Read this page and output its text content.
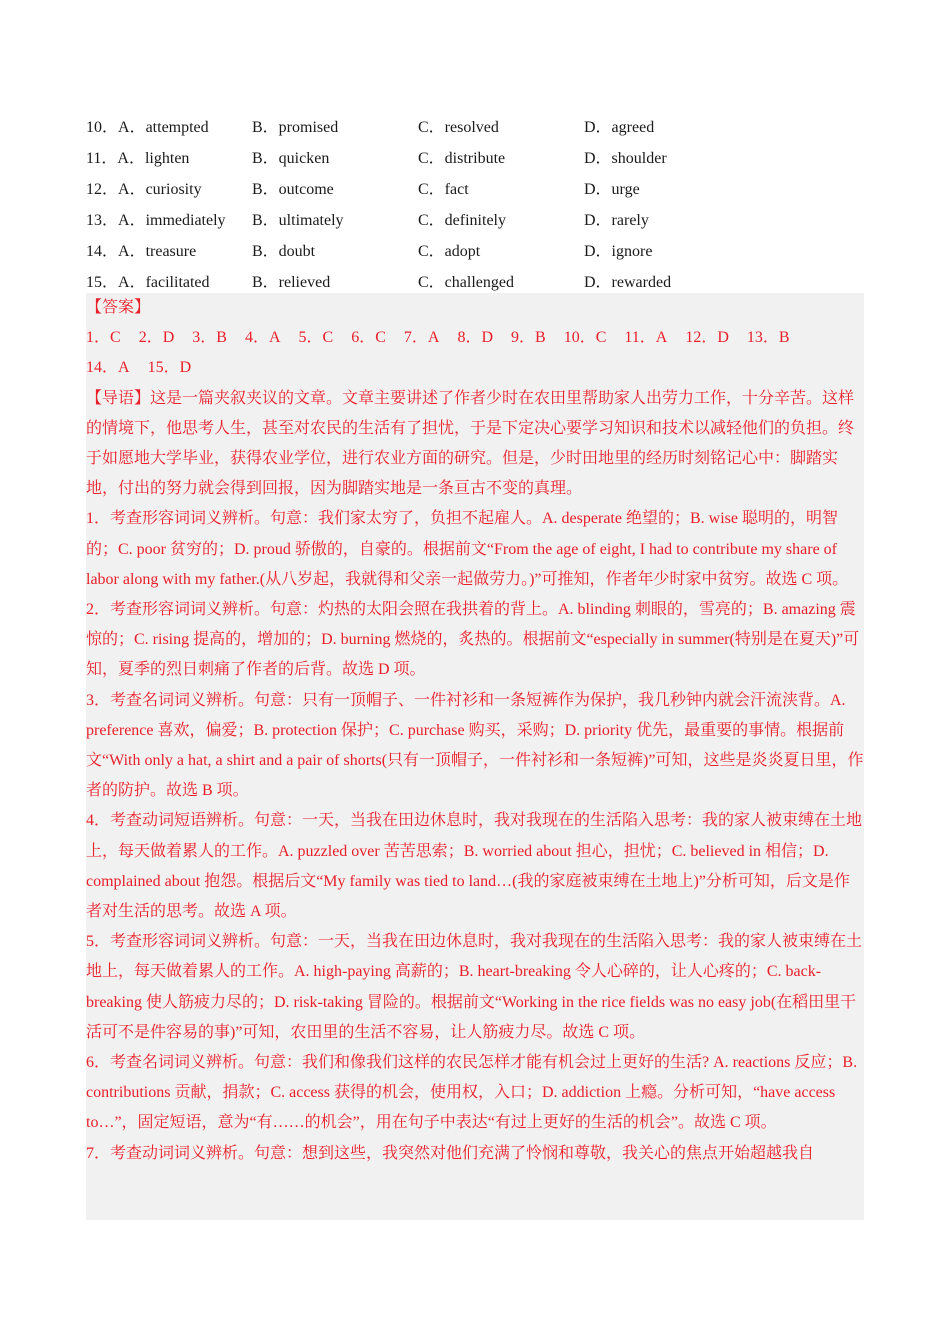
10．A．attempted	B．promised	C．resolved	D．agreed
11．A．lighten	B．quicken	C．distribute	D．shoulder
12．A．curiosity	B．outcome	C．fact	D．urge
13．A．immediately	B．ultimately	C．definitely	D．rarely
14．A．treasure	B．doubt	C．adopt	D．ignore
15．A．facilitated	B．relieved	C．challenged	D．rewarded

【答案】

1．C 2．D 3．B 4．A 5．C 6．C 7．A 8．D 9．B 10．C 11．A 12．D 13．B 14．A 15．D

【导语】这是一篇夹叙夹议的文章。文章主要讲述了作者少时在农田里帮助家人出劳力工作，十分辛苦。这样的情境下，他思考人生，甚至对农民的生活有了担忧，于是下定决心要学习知识和技术以减轻他们的负担。终于如愿地大学毕业，获得农业学位，进行农业方面的研究。但是，少时田地里的经历时刻铭记心中：脚踏实地，付出的努力就会得到回报，因为脚踏实地是一条亘古不变的真理。

1．考查形容词词义辨析。句意：我们家太穷了，负担不起雇人。A. desperate 绝望的；B. wise 聪明的，明智的；C. poor 贫穷的；D. proud 骄傲的，自豪的。根据前文“From the age of eight, I had to contribute my share of labor along with my father.(从八岁起，我就得和父亲一起做劳力。)”可推知，作者年少时家中贫穷。故选 C 项。

2．考查形容词词义辨析。句意：灼热的太阳会照在我拱着的背上。A. blinding 刺眼的，雪亮的；B. amazing 震惊的；C. rising 提高的，增加的；D. burning 燃烧的，炙热的。根据前文“especially in summer(特别是在夏天)”可知，夏季的烈日刺痛了作者的后背。故选 D 项。

3．考查名词词义辨析。句意：只有一顶帽子、一件衬衫和一条短裤作为保护，我几秒钟内就会汗流浃背。A. preference 喜欢，偏爱；B. protection 保护；C. purchase 购买，采购；D. priority 优先，最重要的事情。根据前文“With only a hat, a shirt and a pair of shorts(只有一顶帽子，一件衬衫和一条短裤)”可知，这些是炎炎夏日里，作者的防护。故选 B 项。

4．考查动词短语辨析。句意：一天，当我在田边休息时，我对我现在的生活陷入思考：我的家人被束缚在土地上，每天做着累人的工作。A. puzzled over 苦苦思索；B. worried about 担心，担忧；C. believed in 相信；D. complained about 抱怨。根据后文“My family was tied to land…(我的家庭被束缚在土地上)”分析可知，后文是作者对生活的思考。故选 A 项。

5．考查形容词词义辨析。句意：一天，当我在田边休息时，我对我现在的生活陷入思考：我的家人被束缚在土地上，每天做着累人的工作。A. high-paying 高薪的；B. heart-breaking 令人心碎的，让人心疼的；C. back-breaking 使人筋疲力尽的；D. risk-taking 冒险的。根据前文“Working in the rice fields was no easy job(在稻田里干活可不是件容易的事)”可知，农田里的生活不容易，让人筋疲力尽。故选 C 项。

6．考查名词词义辨析。句意：我们和像我们这样的农民怎样才能有机会过上更好的生活? A. reactions 反应；B. contributions 贡献，捐款；C. access 获得的机会，使用权，入口；D. addiction 上瘾。分析可知，“have access to…”，固定短语，意为“有……的机会”，用在句子中表达“有过上更好的生活的机会”。故选 C 项。

7．考查动词词义辨析。句意：想到这些，我突然对他们充满了怜悯和尊敬，我关心的焦点开始超越我自
